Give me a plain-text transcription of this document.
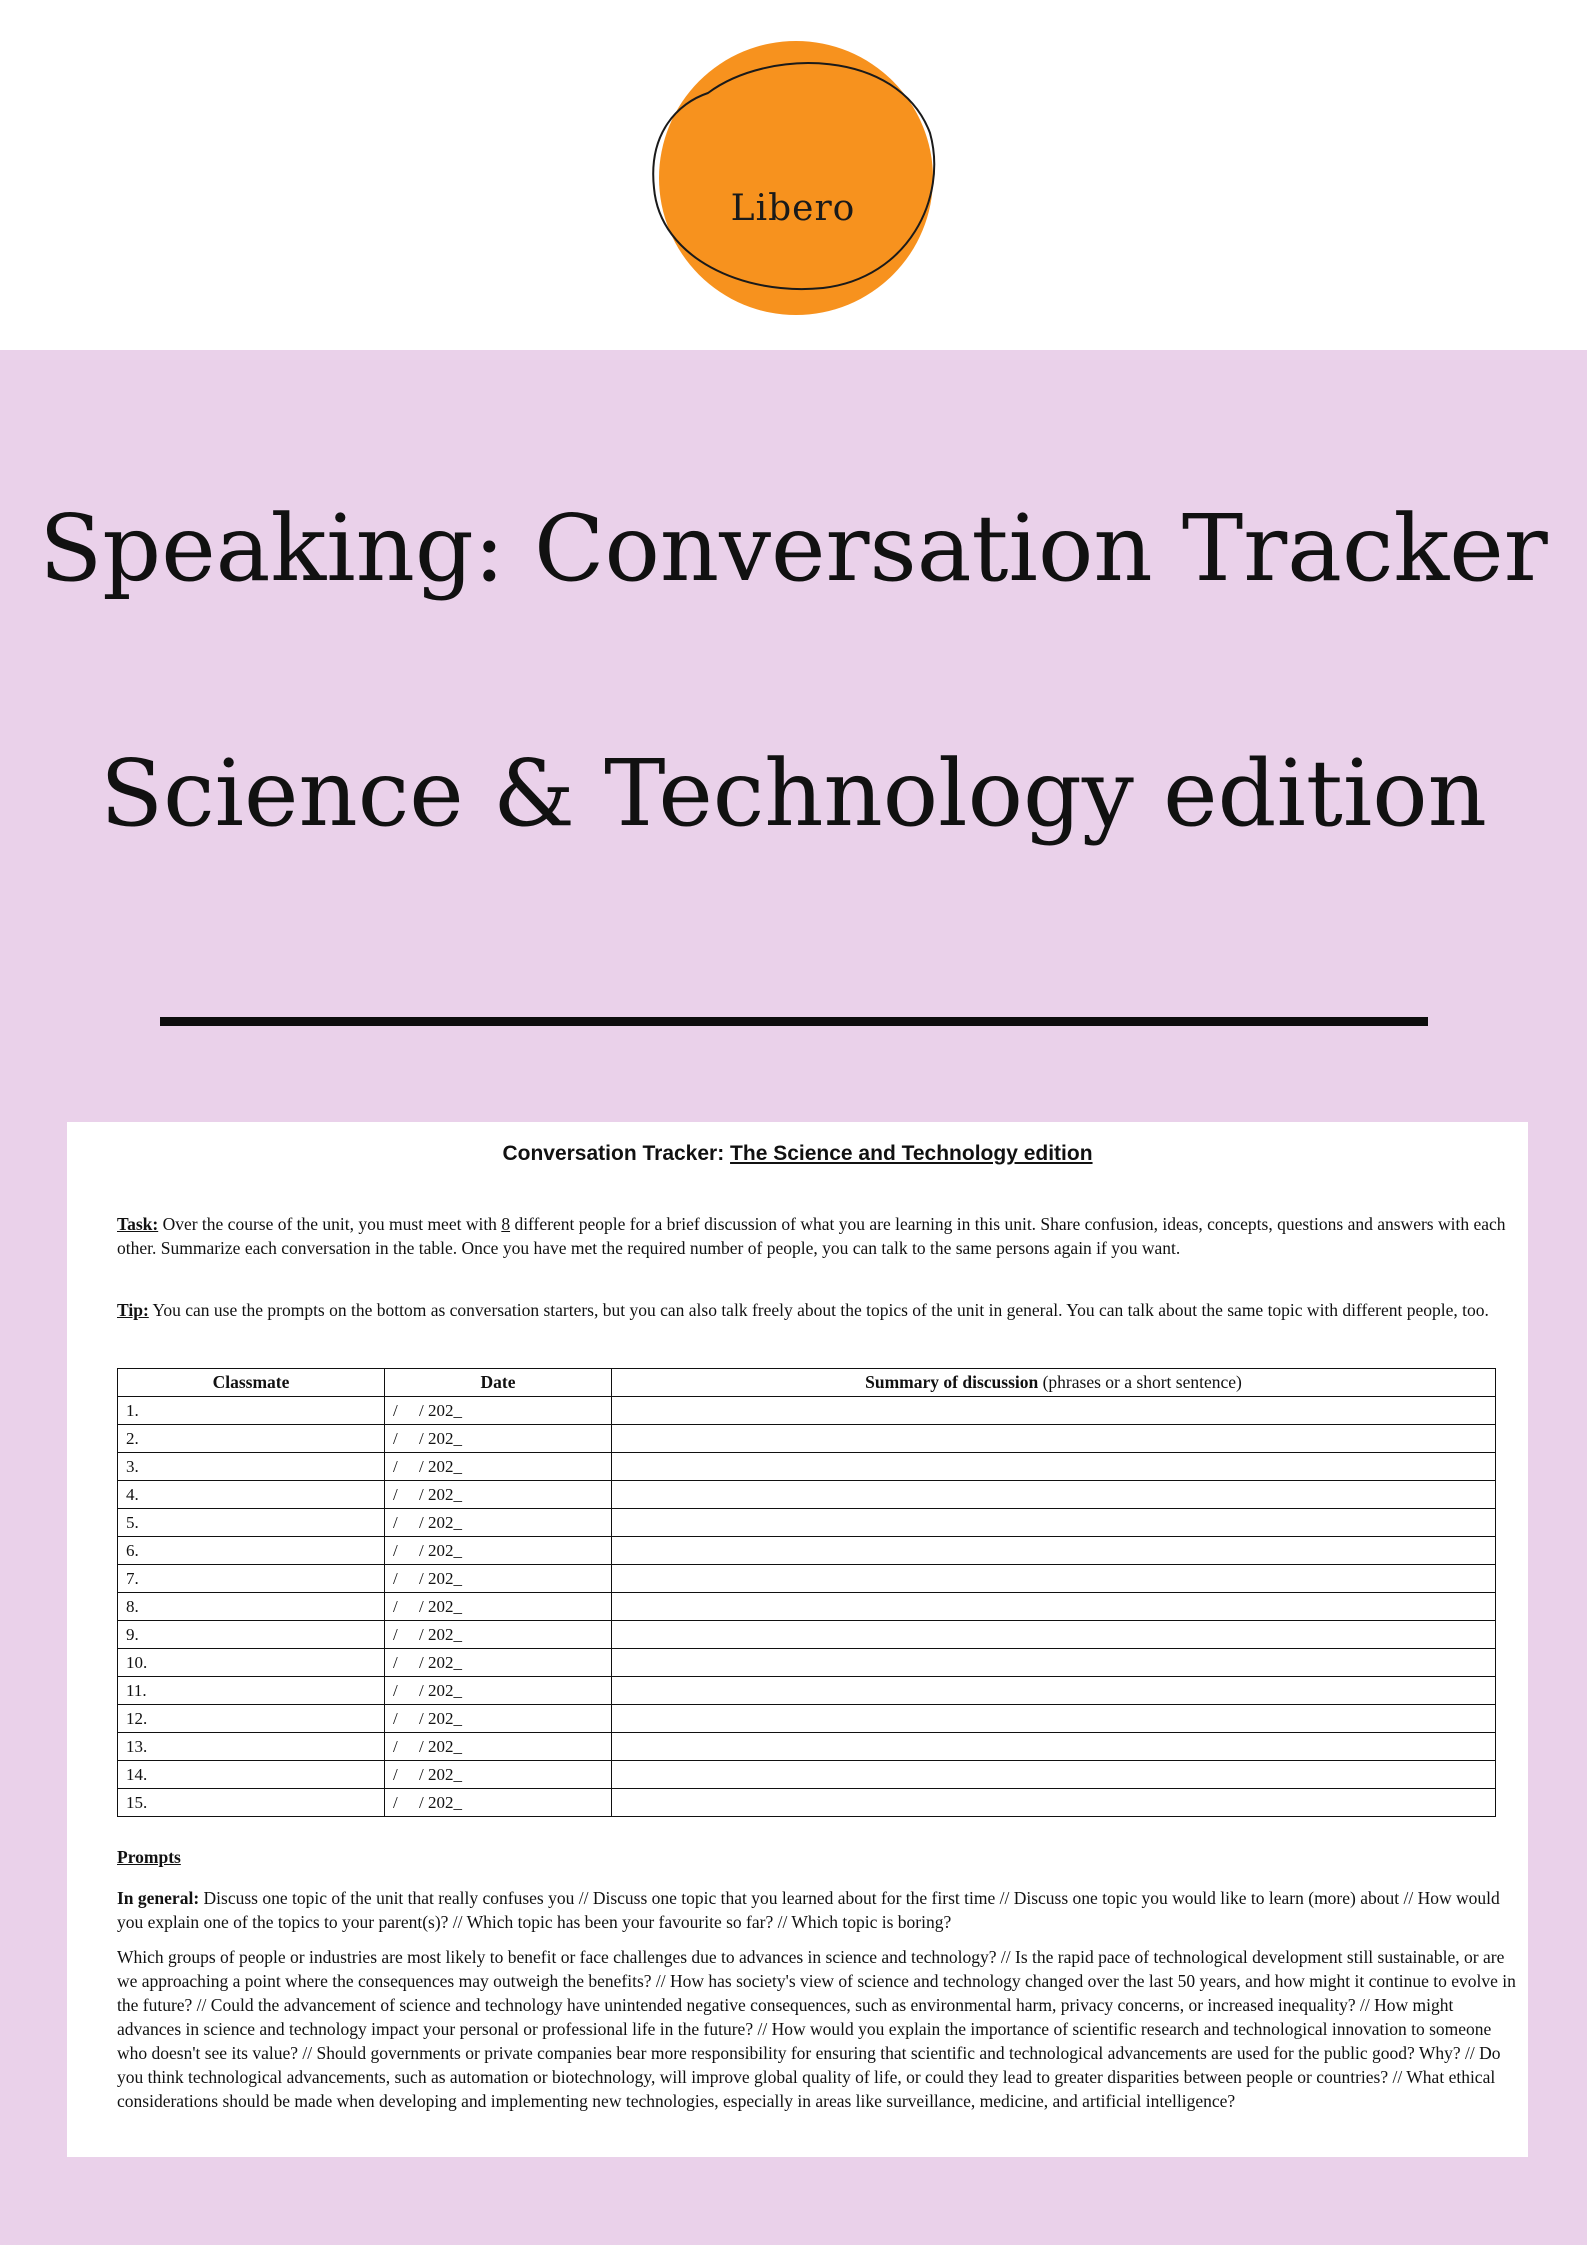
Libero
Speaking: Conversation Tracker
Science & Technology edition
Conversation Tracker: The Science and Technology edition
Task: Over the course of the unit, you must meet with 8 different people for a brief discussion of what you are learning in this unit. Share confusion, ideas, concepts, questions and answers with each other. Summarize each conversation in the table. Once you have met the required number of people, you can talk to the same persons again if you want.
Tip: You can use the prompts on the bottom as conversation starters, but you can also talk freely about the topics of the unit in general. You can talk about the same topic with different people, too.
Classmate	Date	Summary of discussion (phrases or a short sentence)
1.	/     / 202_	
2.	/     / 202_	
3.	/     / 202_	
4.	/     / 202_	
5.	/     / 202_	
6.	/     / 202_	
7.	/     / 202_	
8.	/     / 202_	
9.	/     / 202_	
10.	/     / 202_	
11.	/     / 202_	
12.	/     / 202_	
13.	/     / 202_	
14.	/     / 202_	
15.	/     / 202_	
Prompts
In general: Discuss one topic of the unit that really confuses you // Discuss one topic that you learned about for the first time // Discuss one topic you would like to learn (more) about // How would you explain one of the topics to your parent(s)? // Which topic has been your favourite so far? // Which topic is boring?
Which groups of people or industries are most likely to benefit or face challenges due to advances in science and technology? // Is the rapid pace of technological development still sustainable, or are we approaching a point where the consequences may outweigh the benefits? // How has society's view of science and technology changed over the last 50 years, and how might it continue to evolve in the future? // Could the advancement of science and technology have unintended negative consequences, such as environmental harm, privacy concerns, or increased inequality? // How might advances in science and technology impact your personal or professional life in the future? // How would you explain the importance of scientific research and technological innovation to someone who doesn't see its value? // Should governments or private companies bear more responsibility for ensuring that scientific and technological advancements are used for the public good? Why? // Do you think technological advancements, such as automation or biotechnology, will improve global quality of life, or could they lead to greater disparities between people or countries? // What ethical considerations should be made when developing and implementing new technologies, especially in areas like surveillance, medicine, and artificial intelligence?
